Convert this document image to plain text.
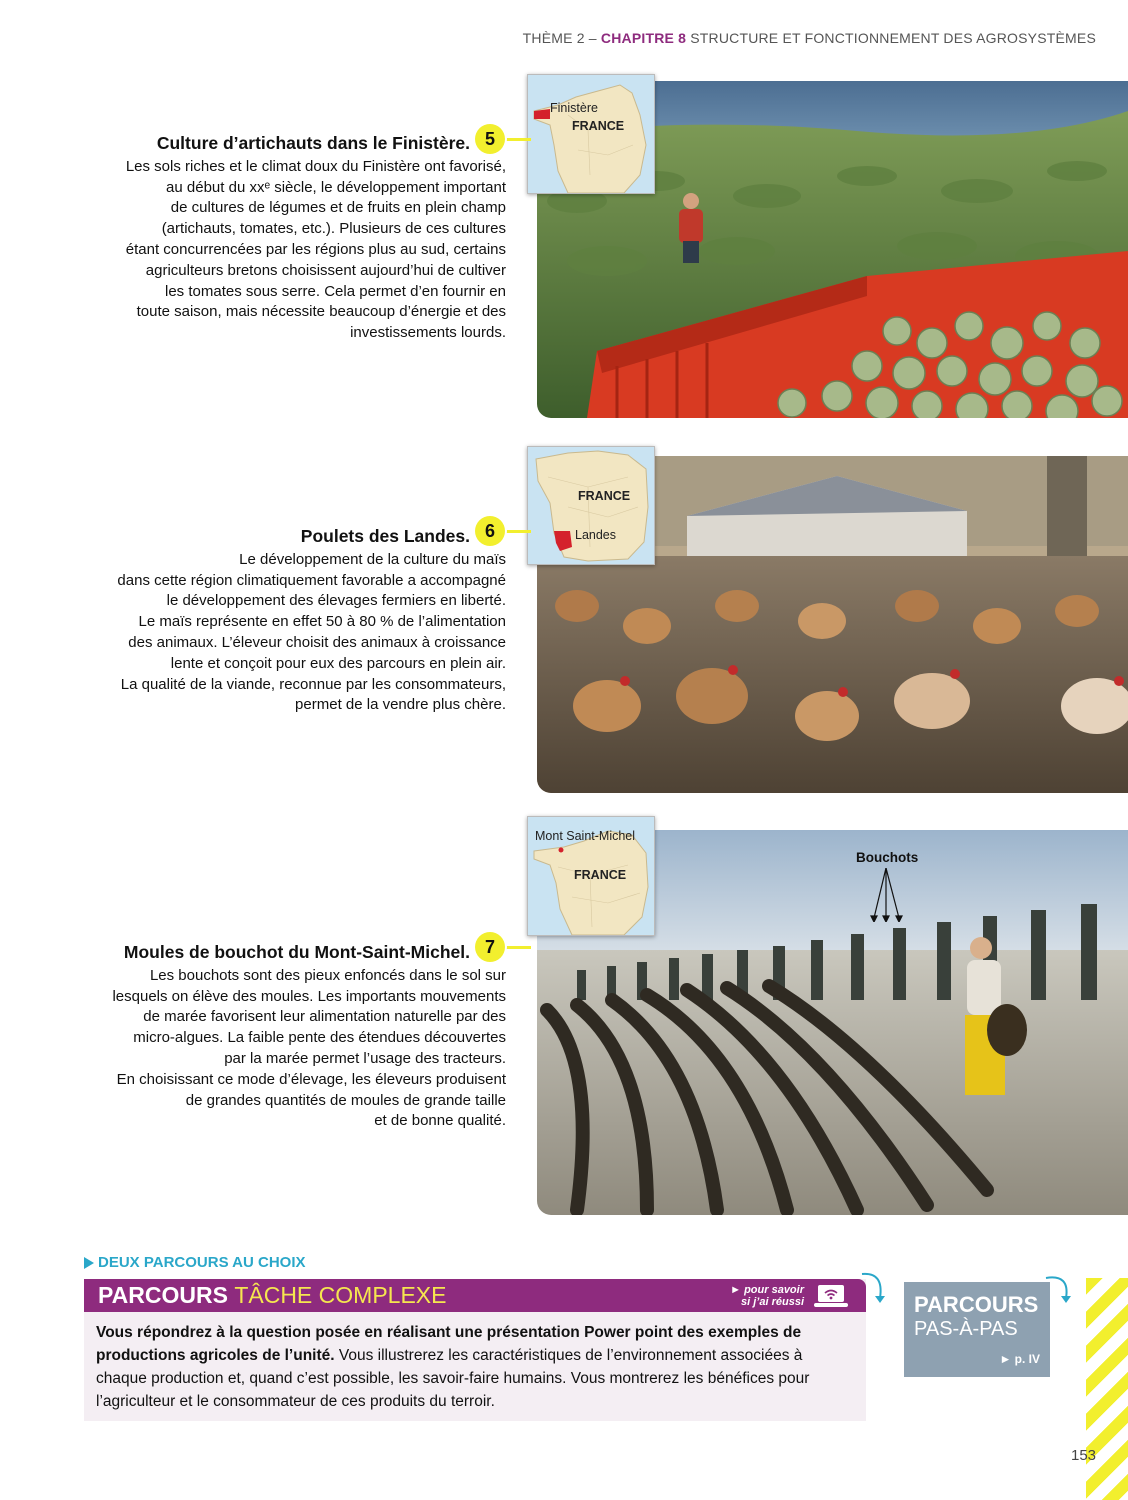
THÈME 2 – CHAPITRE 8 STRUCTURE ET FONCTIONNEMENT DES AGROSYSTÈMES
Finistère
FRANCE
5
Culture d’artichauts dans le Finistère.
Les sols riches et le climat doux du Finistère ont favorisé,
au début du xxᵉ siècle, le développement important
de cultures de légumes et de fruits en plein champ
(artichauts, tomates, etc.). Plusieurs de ces cultures
étant concurrencées par les régions plus au sud, certains
agriculteurs bretons choisissent aujourd’hui de cultiver
les tomates sous serre. Cela permet d’en fournir en
toute saison, mais nécessite beaucoup d’énergie et des
investissements lourds.
FRANCE
Landes
6
Poulets des Landes.
Le développement de la culture du maïs
dans cette région climatiquement favorable a accompagné
le développement des élevages fermiers en liberté.
Le maïs représente en effet 50 à 80 % de l’alimentation
des animaux. L’éleveur choisit des animaux à croissance
lente et conçoit pour eux des parcours en plein air.
La qualité de la viande, reconnue par les consommateurs,
permet de la vendre plus chère.
Bouchots
Mont Saint-Michel
FRANCE
7
Moules de bouchot du Mont-Saint-Michel.
Les bouchots sont des pieux enfoncés dans le sol sur
lesquels on élève des moules. Les importants mouvements
de marée favorisent leur alimentation naturelle par des
micro-algues. La faible pente des étendues découvertes
par la marée permet l’usage des tracteurs.
En choisissant ce mode d’élevage, les éleveurs produisent
de grandes quantités de moules de grande taille
et de bonne qualité.
DEUX PARCOURS AU CHOIX
PARCOURS TÂCHE COMPLEXE	► pour savoir
si j’ai réussi
Vous répondrez à la question posée en réalisant une présentation Power point des exemples de productions agricoles de l’unité. Vous illustrerez les caractéristiques de l’environnement associées à chaque production et, quand c’est possible, les savoir-faire humains. Vous montrerez les bénéfices pour l’agriculteur et le consommateur de ces produits du terroir.
PARCOURS
PAS-À-PAS
► p. IV
153
